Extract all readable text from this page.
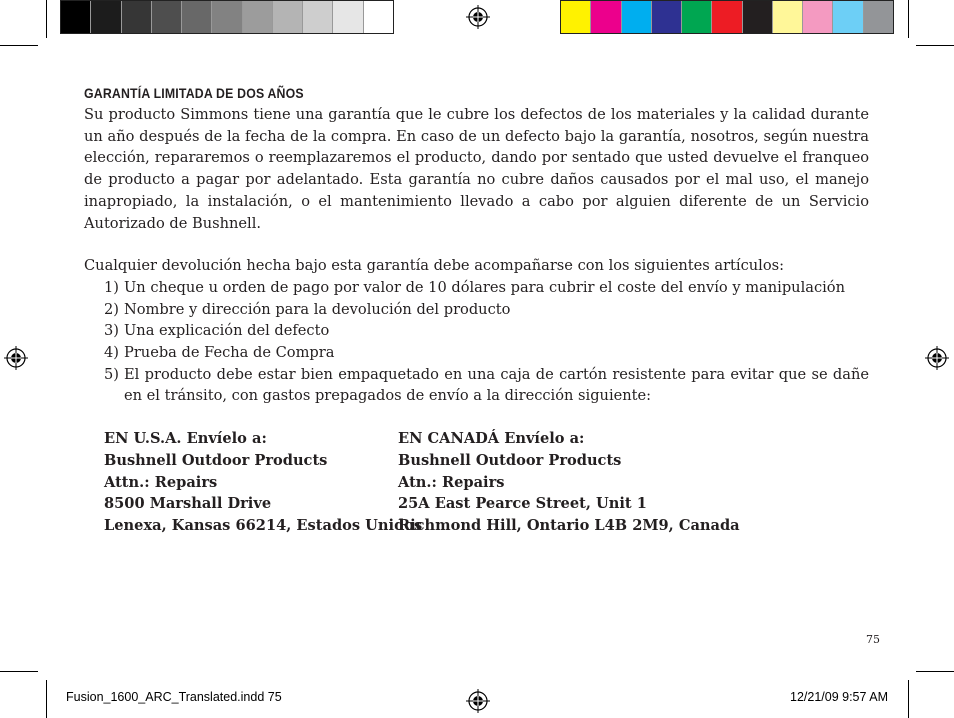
GARANTÍA LIMITADA DE DOS AÑOS

Su producto Simmons tiene una garantía que le cubre los defectos de los materiales y la calidad durante un año después de la fecha de la compra. En caso de un defecto bajo la garantía, nosotros, según nuestra elección, repararemos o reemplazaremos el producto, dando por sentado que usted devuelve el franqueo de producto a pagar por adelantado. Esta garantía no cubre daños causados por el mal uso, el manejo inapropiado, la instalación, o el mantenimiento llevado a cabo por alguien diferente de un Servicio Autorizado de Bushnell.

Cualquier devolución hecha bajo esta garantía debe acompañarse con los siguientes artículos:

1) Un cheque u orden de pago por valor de 10 dólares para cubrir el coste del envío y manipulación
2) Nombre y dirección para la devolución del producto
3) Una explicación del defecto
4) Prueba de Fecha de Compra
5) El producto debe estar bien empaquetado en una caja de cartón resistente para evitar que se dañe en el tránsito, con gastos prepagados de envío a la dirección siguiente:
EN U.S.A. Envíelo a:
Bushnell Outdoor Products
Attn.: Repairs
8500 Marshall Drive
Lenexa, Kansas 66214, Estados Unidos
EN CANADÁ Envíelo a:
Bushnell Outdoor Products
Atn.: Repairs
25A East Pearce Street, Unit 1
Richmond Hill, Ontario L4B 2M9, Canada
75
Fusion_1600_ARC_Translated.indd 75	12/21/09 9:57 AM
